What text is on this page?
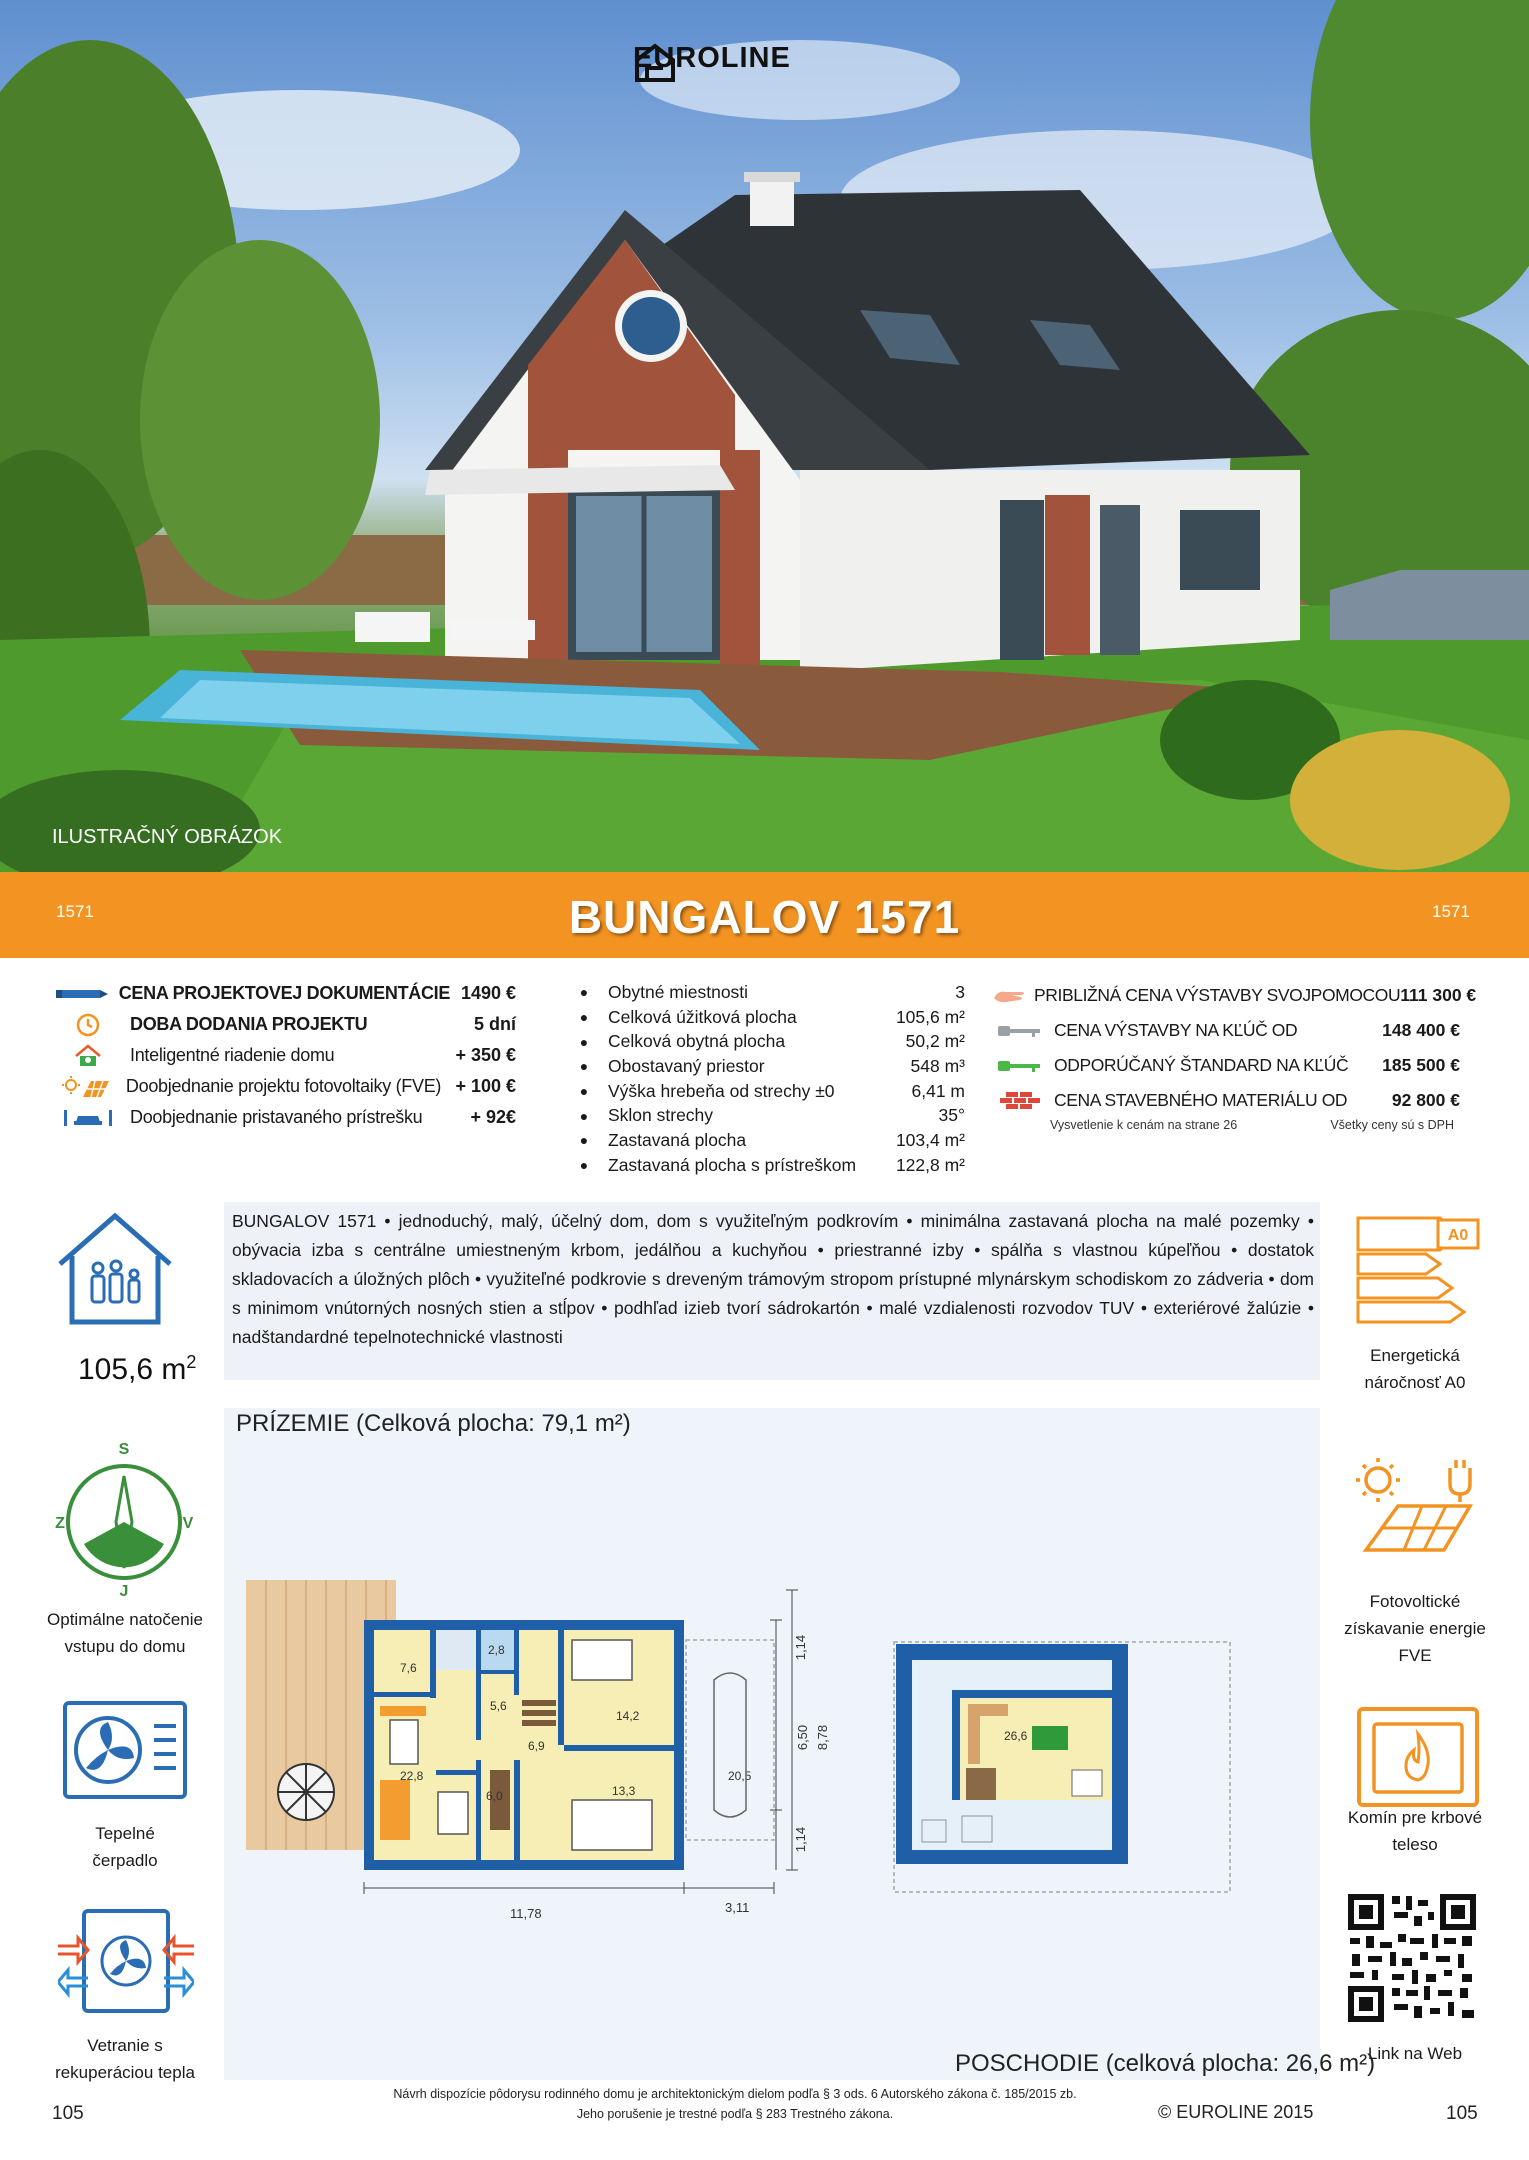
EUROLINE
ILUSTRAČNÝ OBRÁZOK
1571	BUNGALOV 1571	1571
CENA PROJEKTOVEJ DOKUMENTÁCIE 1490 €
DOBA DODANIA PROJEKTU	5 dní
Inteligentné riadenie domu	+ 350 €
Doobjednanie projektu fotovoltaiky (FVE) + 100 €
Doobjednanie pristavaného prístrešku	+ 92€
●	Obytné miestnosti	3
●	Celková úžitková plocha	105,6 m²
●	Celková obytná plocha	50,2 m²
●	Obostavaný priestor	548 m³
●	Výška hrebeňa od strechy ±0	6,41 m
●	Sklon strechy	35°
●	Zastavaná plocha	103,4 m²
●	Zastavaná plocha s prístreškom	122,8 m²
PRIBLIŽNÁ CENA VÝSTAVBY SVOJPOMOCOU 111 300 €
CENA VÝSTAVBY NA KĽÚČ OD	148 400 €
ODPORÚČANÝ ŠTANDARD NA KĽÚČ	185 500 €
CENA STAVEBNÉHO MATERIÁLU OD	92 800 €
Vysvetlenie k cenám na strane 26	Všetky ceny sú s DPH
105,6 $m^2$
S
J
Z	V
Optimálne natočenie
vstupu do domu
Tepelné
čerpadlo
Vetranie s
rekuperáciou tepla
BUNGALOV 1571 • jednoduchý, malý, účelný dom, dom s využiteľným podkrovím • minimálna zastavaná plocha na malé pozemky • obývacia izba s centrálne umiestneným krbom, jedálňou a kuchyňou • priestranné izby • spálňa s vlastnou kúpeľňou • dostatok skladovacích a úložných plôch • využiteľné podkrovie s dreveným trámovým stropom prístupné mlynárskym schodiskom zo zádveria • dom s minimom vnútorných nosných stien a stĺpov • podhľad izieb tvorí sádrokartón • malé vzdialenosti rozvodov TUV • exteriérové žalúzie • nadštandardné tepelnotechnické vlastnosti
A0
Energetická
náročnosť A0
Fotovoltické
získavanie energie
FVE
Komín pre krbové
teleso
Link na Web
PRÍZEMIE (Celková plocha: 79,1 m²)
7,6
5,6
2,8
14,2
22,8
6,9
6,0	13,3
20,5
11,78	3,11
1,14
6,50 8,78
1,14
26,6
POSCHODIE (celková plocha: 26,6 m²)
Návrh dispozície pôdorysu rodinného domu je architektonickým dielom podľa § 3 ods. 6 Autorského zákona č. 185/2015 zb.
Jeho porušenie je trestné podľa § 283 Trestného zákona.	© EUROLINE 2015
105	105
